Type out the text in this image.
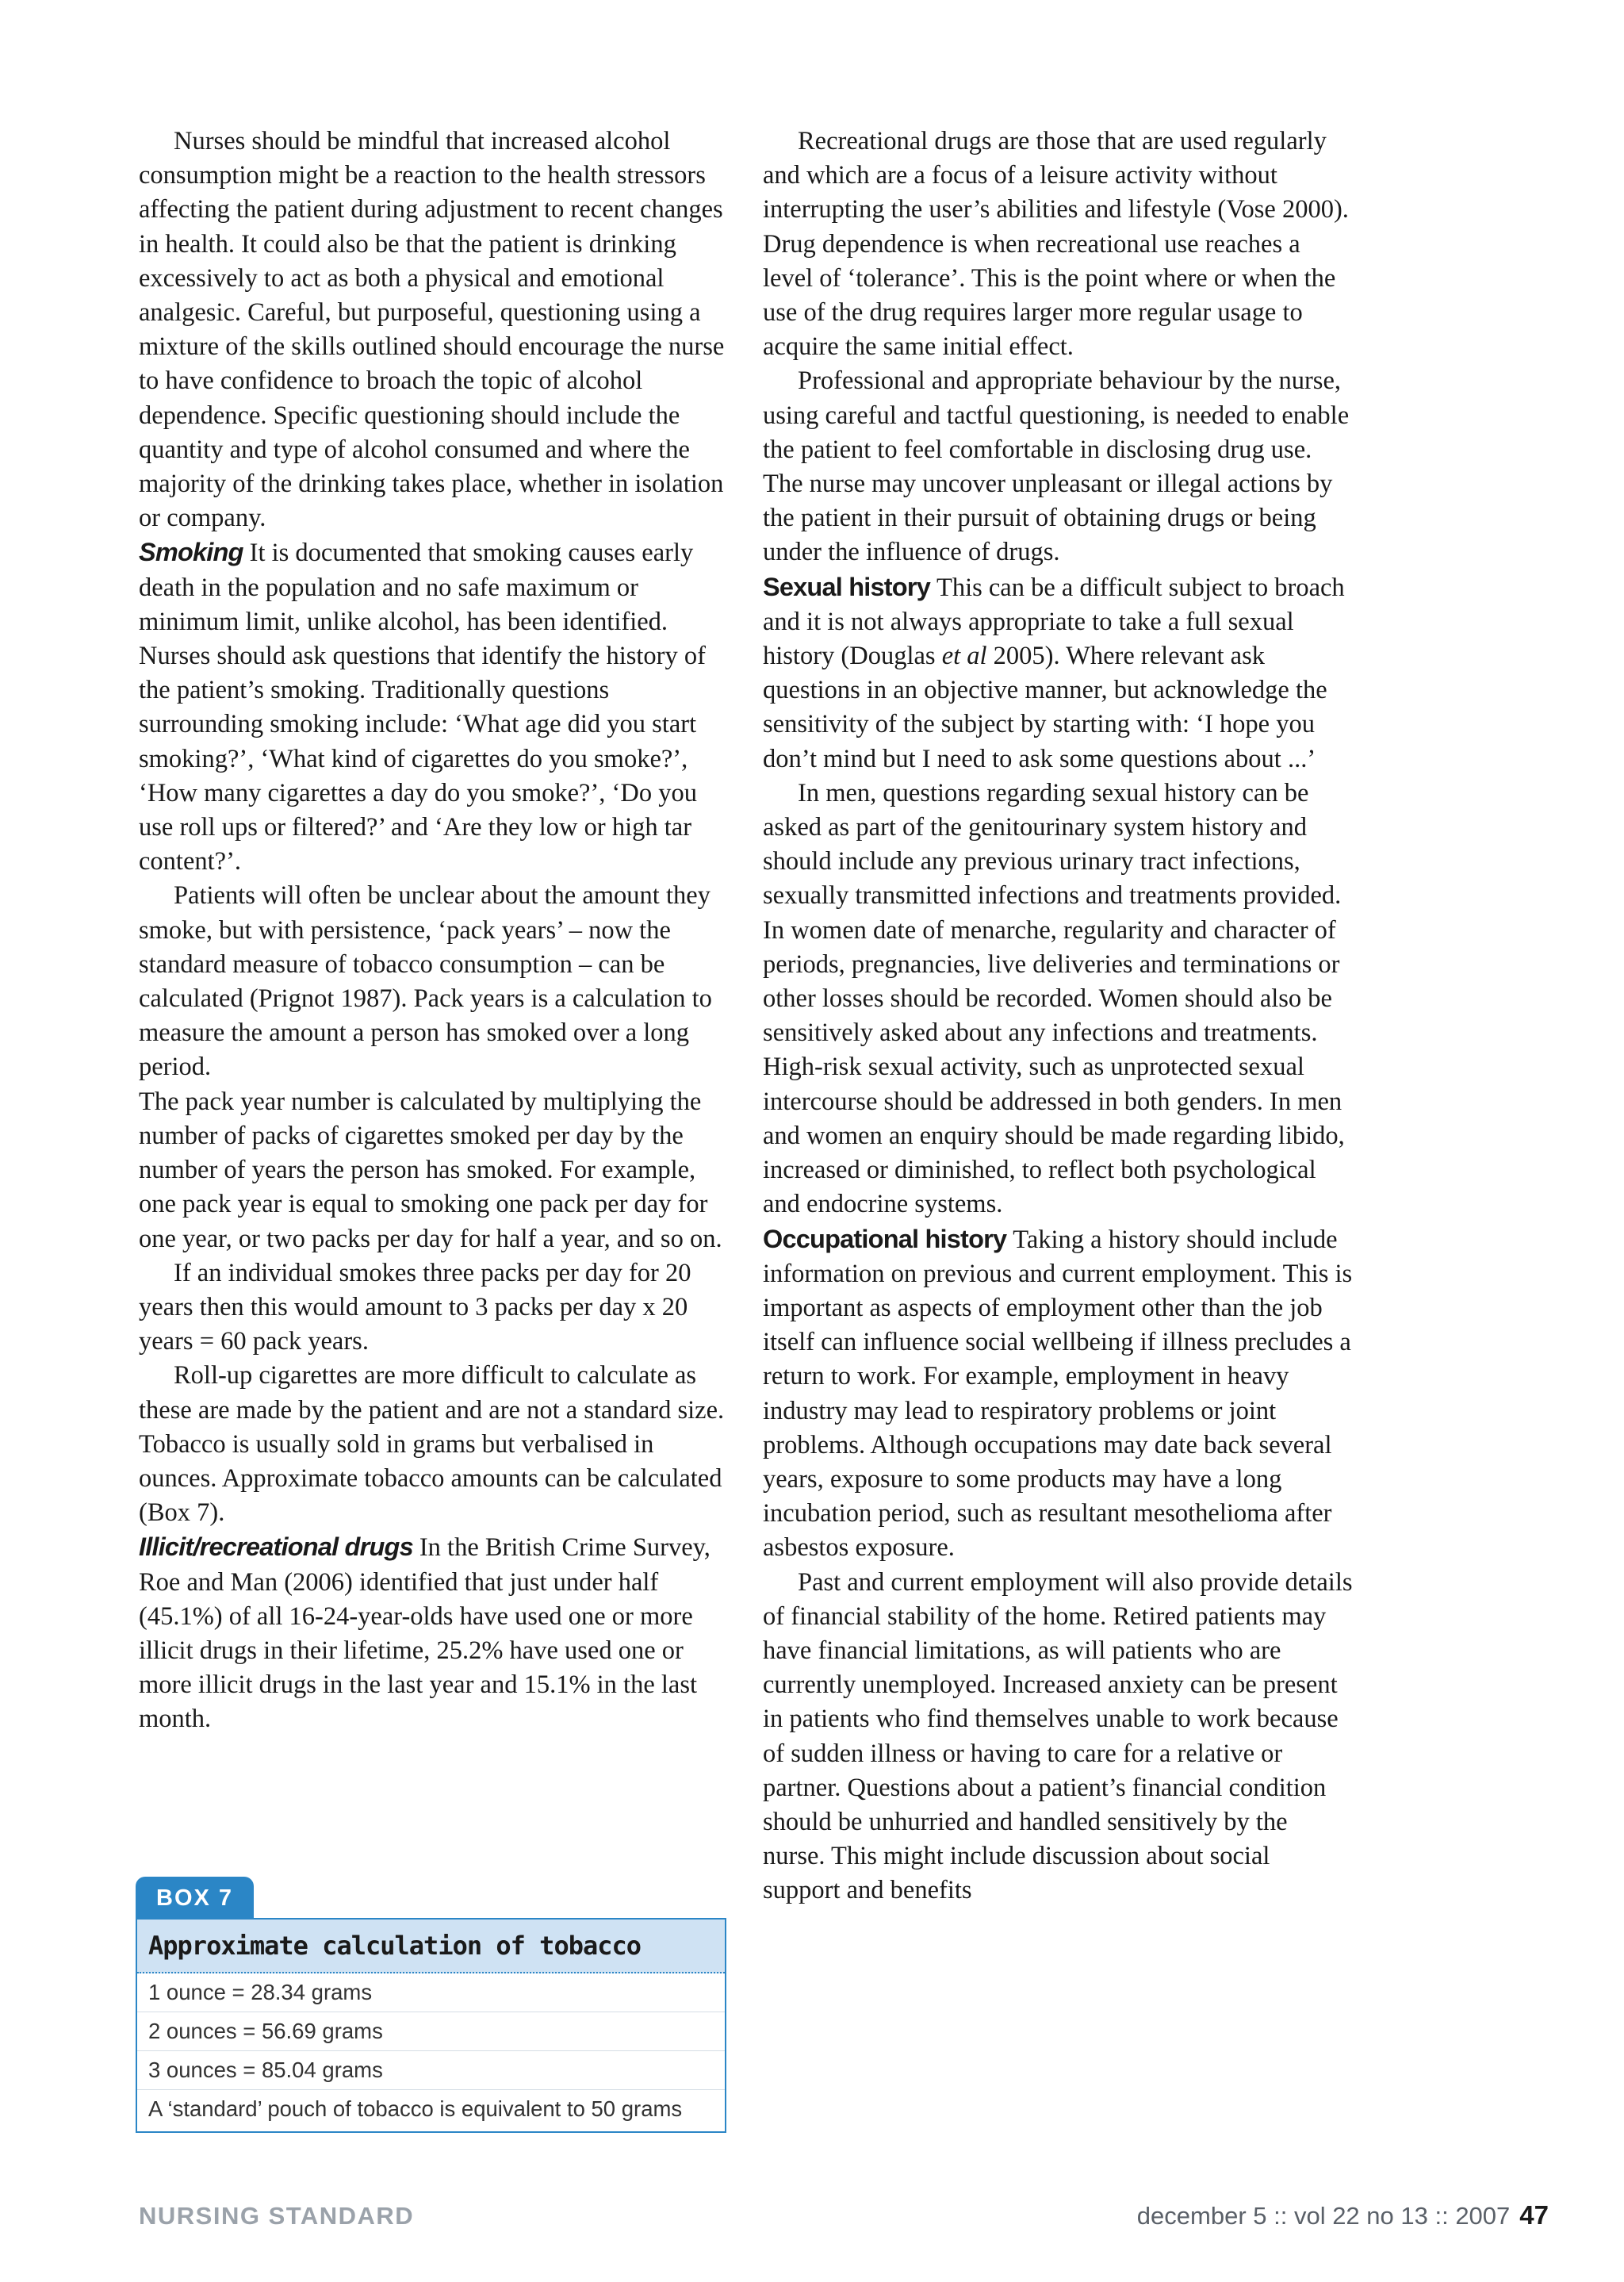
Nurses should be mindful that increased alcohol consumption might be a reaction to the health stressors affecting the patient during adjustment to recent changes in health. It could also be that the patient is drinking excessively to act as both a physical and emotional analgesic. Careful, but purposeful, questioning using a mixture of the skills outlined should encourage the nurse to have confidence to broach the topic of alcohol dependence. Specific questioning should include the quantity and type of alcohol consumed and where the majority of the drinking takes place, whether in isolation or company.

Smoking It is documented that smoking causes early death in the population and no safe maximum or minimum limit, unlike alcohol, has been identified. Nurses should ask questions that identify the history of the patient’s smoking. Traditionally questions surrounding smoking include: ‘What age did you start smoking?’, ‘What kind of cigarettes do you smoke?’, ‘How many cigarettes a day do you smoke?’, ‘Do you use roll ups or filtered?’ and ‘Are they low or high tar content?’.

Patients will often be unclear about the amount they smoke, but with persistence, ‘pack years’ – now the standard measure of tobacco consumption – can be calculated (Prignot 1987). Pack years is a calculation to measure the amount a person has smoked over a long period.

The pack year number is calculated by multiplying the number of packs of cigarettes smoked per day by the number of years the person has smoked. For example, one pack year is equal to smoking one pack per day for one year, or two packs per day for half a year, and so on.

If an individual smokes three packs per day for 20 years then this would amount to 3 packs per day x 20 years = 60 pack years.

Roll-up cigarettes are more difficult to calculate as these are made by the patient and are not a standard size. Tobacco is usually sold in grams but verbalised in ounces. Approximate tobacco amounts can be calculated (Box 7).

Illicit/recreational drugs In the British Crime Survey, Roe and Man (2006) identified that just under half (45.1%) of all 16-24-year-olds have used one or more illicit drugs in their lifetime, 25.2% have used one or more illicit drugs in the last year and 15.1% in the last month.

Recreational drugs are those that are used regularly and which are a focus of a leisure activity without interrupting the user’s abilities and lifestyle (Vose 2000). Drug dependence is when recreational use reaches a level of ‘tolerance’. This is the point where or when the use of the drug requires larger more regular usage to acquire the same initial effect.

Professional and appropriate behaviour by the nurse, using careful and tactful questioning, is needed to enable the patient to feel comfortable in disclosing drug use. The nurse may uncover unpleasant or illegal actions by the patient in their pursuit of obtaining drugs or being under the influence of drugs.

Sexual history This can be a difficult subject to broach and it is not always appropriate to take a full sexual history (Douglas et al 2005). Where relevant ask questions in an objective manner, but acknowledge the sensitivity of the subject by starting with: ‘I hope you don’t mind but I need to ask some questions about ...’

In men, questions regarding sexual history can be asked as part of the genitourinary system history and should include any previous urinary tract infections, sexually transmitted infections and treatments provided. In women date of menarche, regularity and character of periods, pregnancies, live deliveries and terminations or other losses should be recorded. Women should also be sensitively asked about any infections and treatments. High-risk sexual activity, such as unprotected sexual intercourse should be addressed in both genders. In men and women an enquiry should be made regarding libido, increased or diminished, to reflect both psychological and endocrine systems.

Occupational history Taking a history should include information on previous and current employment. This is important as aspects of employment other than the job itself can influence social wellbeing if illness precludes a return to work. For example, employment in heavy industry may lead to respiratory problems or joint problems. Although occupations may date back several years, exposure to some products may have a long incubation period, such as resultant mesothelioma after asbestos exposure.

Past and current employment will also provide details of financial stability of the home. Retired patients may have financial limitations, as will patients who are currently unemployed. Increased anxiety can be present in patients who find themselves unable to work because of sudden illness or having to care for a relative or partner. Questions about a patient’s financial condition should be unhurried and handled sensitively by the nurse. This might include discussion about social support and benefits

BOX 7
Approximate calculation of tobacco
1 ounce = 28.34 grams
2 ounces = 56.69 grams
3 ounces = 85.04 grams
A ‘standard’ pouch of tobacco is equivalent to 50 grams
NURSING STANDARD	december 5 :: vol 22 no 13 :: 2007 47
